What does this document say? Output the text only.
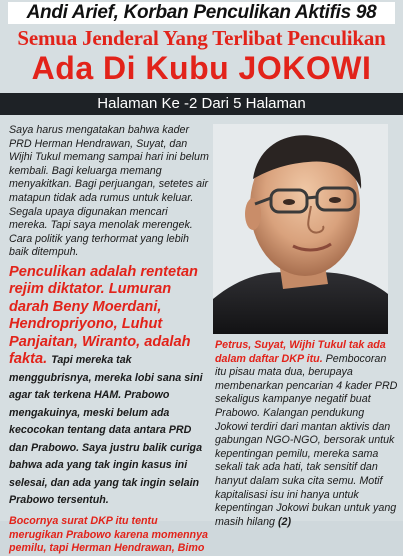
Andi Arief, Korban Penculikan Aktifis 98
Semua Jenderal Yang Terlibat Penculikan
Ada Di Kubu JOKOWI
Halaman Ke -2 Dari 5 Halaman

Saya harus mengatakan bahwa kader PRD Herman Hendrawan, Suyat, dan Wijhi Tukul memang sampai hari ini belum kembali. Bagi keluarga memang menyakitkan. Bagi perjuangan, setetes air matapun tidak ada rumus untuk keluar. Segala upaya digunakan mencari mereka. Tapi saya menolak merengek. Cara politik yang terhormat yang lebih baik ditempuh.

Penculikan adalah rentetan rejim diktator. Lumuran darah Beny Moerdani, Hendropriyono, Luhut Panjaitan, Wiranto, adalah fakta. Tapi mereka tak menggubrisnya, mereka lobi sana sini agar tak terkena HAM. Prabowo mengakuinya, meski belum ada kecocokan tentang data antara PRD dan Prabowo. Saya justru balik curiga bahwa ada yang tak ingin kasus ini selesai, dan ada yang tak ingin selain Prabowo tersentuh.

Bocornya surat DKP itu tentu merugikan Prabowo karena momennya pemilu, tapi Herman Hendrawan, Bimo

Petrus, Suyat, Wijhi Tukul tak ada dalam daftar DKP itu. Pembocoran itu pisau mata dua, berupaya membenarkan pencarian 4 kader PRD sekaligus kampanye negatif buat Prabowo. Kalangan pendukung Jokowi terdiri dari mantan aktivis dan gabungan NGO-NGO, bersorak untuk kepentingan pemilu, mereka sama sekali tak ada hati, tak sensitif dan hanyut dalam suka cita semu. Motif kapitalisasi isu ini hanya untuk kepentingan Jokowi bukan untuk yang masih hilang (2)
